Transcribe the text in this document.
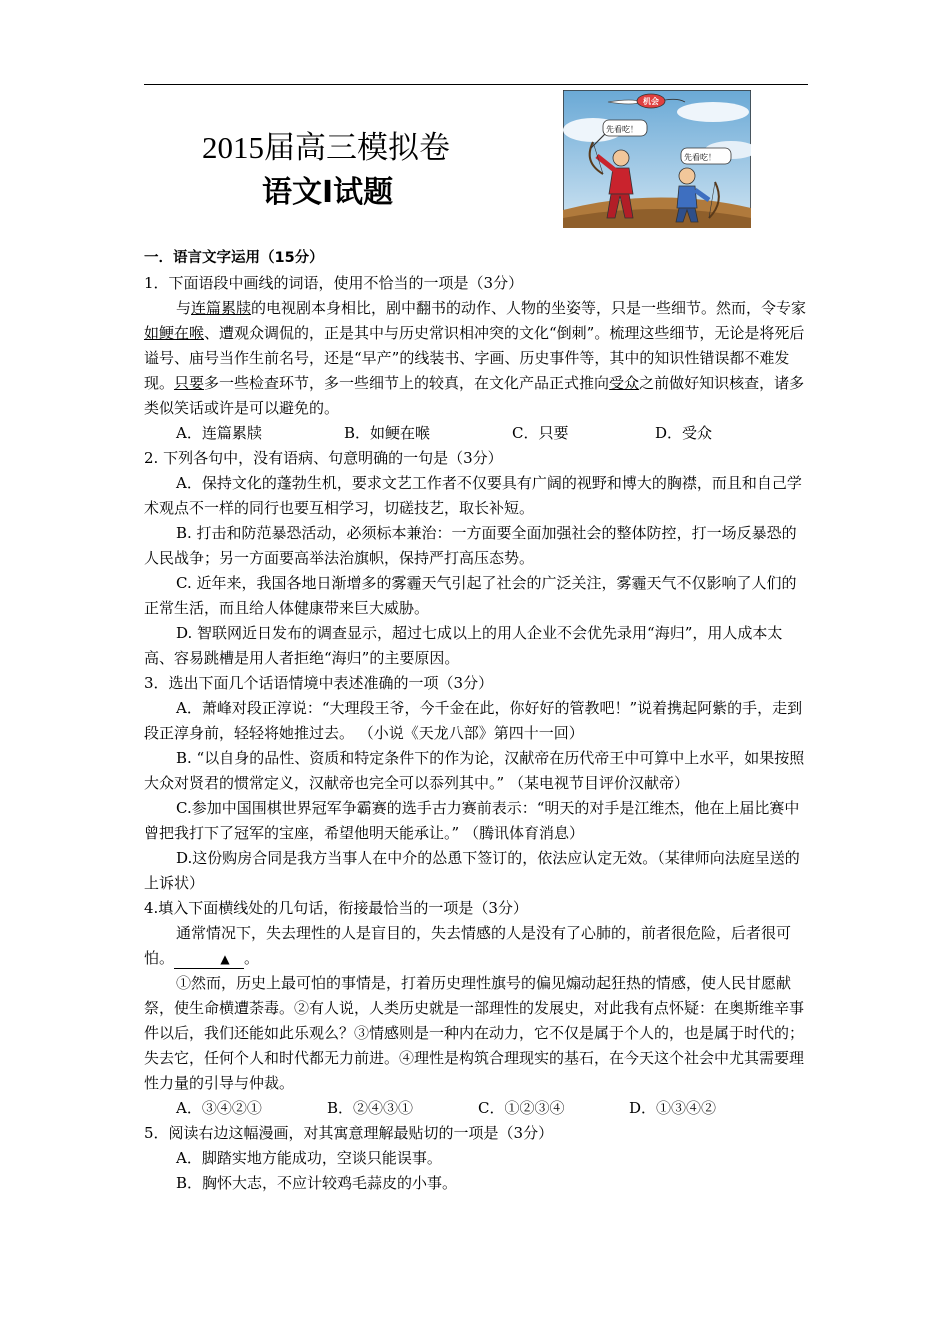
2015届高三模拟卷
语文Ⅰ试题
机会
先看吃！
先看吃！

一．语言文字运用（15分）

1．下面语段中画线的词语，使用不恰当的一项是（3分）

与连篇累牍的电视剧本身相比，剧中翻书的动作、人物的坐姿等，只是一些细节。然而，令专家如鲠在喉、遭观众调侃的，正是其中与历史常识相冲突的文化“倒刺”。梳理这些细节，无论是将死后谥号、庙号当作生前名号，还是“早产”的线装书、字画、历史事件等，其中的知识性错误都不难发现。只要多一些检查环节，多一些细节上的较真，在文化产品正式推向受众之前做好知识核查，诸多类似笑话或许是可以避免的。

A．连篇累牍	B．如鲠在喉	C．只要	D．受众

2. 下列各句中，没有语病、句意明确的一句是（3分）

A．保持文化的蓬勃生机，要求文艺工作者不仅要具有广阔的视野和博大的胸襟，而且和自己学术观点不一样的同行也要互相学习，切磋技艺，取长补短。

B. 打击和防范暴恐活动，必须标本兼治：一方面要全面加强社会的整体防控，打一场反暴恐的人民战争；另一方面要高举法治旗帜，保持严打高压态势。

C. 近年来，我国各地日渐增多的雾霾天气引起了社会的广泛关注，雾霾天气不仅影响了人们的正常生活，而且给人体健康带来巨大威胁。

D. 智联网近日发布的调查显示，超过七成以上的用人企业不会优先录用“海归”，用人成本太高、容易跳槽是用人者拒绝“海归”的主要原因。

3．选出下面几个话语情境中表述准确的一项（3分）

A．萧峰对段正淳说：“大理段王爷，今千金在此，你好好的管教吧！”说着携起阿紫的手，走到段正淳身前，轻轻将她推过去。 （小说《天龙八部》第四十一回）

B. “以自身的品性、资质和特定条件下的作为论，汉献帝在历代帝王中可算中上水平，如果按照大众对贤君的惯常定义，汉献帝也完全可以忝列其中。” （某电视节目评价汉献帝）

C.参加中国围棋世界冠军争霸赛的选手古力赛前表示：“明天的对手是江维杰，他在上届比赛中曾把我打下了冠军的宝座，希望他明天能承让。” （腾讯体育消息）

D.这份购房合同是我方当事人在中介的怂恿下签订的，依法应认定无效。（某律师向法庭呈送的上诉状）

4.填入下面横线处的几句话，衔接最恰当的一项是（3分）

通常情况下，失去理性的人是盲目的，失去情感的人是没有了心肺的，前者很危险，后者很可怕。	▲ 。

①然而，历史上最可怕的事情是，打着历史理性旗号的偏见煽动起狂热的情感，使人民甘愿献祭，使生命横遭荼毒。②有人说，人类历史就是一部理性的发展史，对此我有点怀疑：在奥斯维辛事件以后，我们还能如此乐观么？③情感则是一种内在动力，它不仅是属于个人的，也是属于时代的；失去它，任何个人和时代都无力前进。④理性是构筑合理现实的基石，在今天这个社会中尤其需要理性力量的引导与仲裁。

A．③④②①	B．②④③①	C．①②③④	D．①③④②

5．阅读右边这幅漫画，对其寓意理解最贴切的一项是（3分）

A．脚踏实地方能成功，空谈只能误事。

B．胸怀大志，不应计较鸡毛蒜皮的小事。
